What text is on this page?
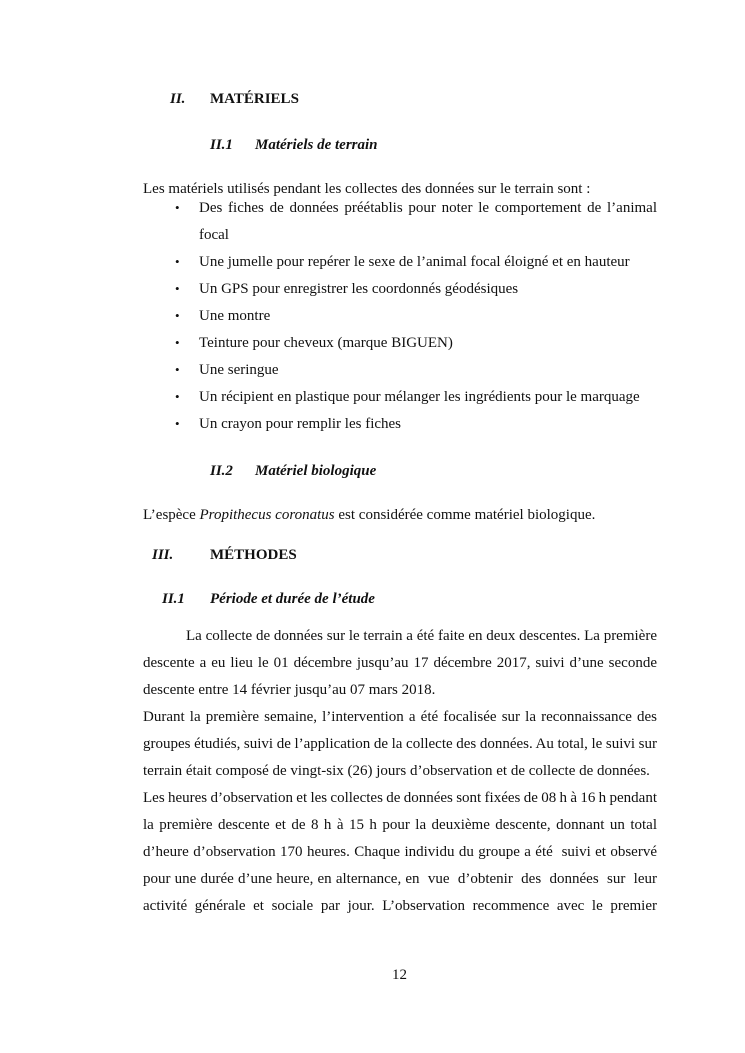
II. MATÉRIELS
II.1 Matériels de terrain
Les matériels utilisés pendant les collectes des données sur le terrain sont :
• Des fiches de données préétablis pour noter le comportement de l’animal
focal
• Une jumelle pour repérer le sexe de l’animal focal éloigné et en hauteur
• Un GPS pour enregistrer les coordonnés géodésiques
• Une montre
• Teinture pour cheveux (marque BIGUEN)
• Une seringue
• Un récipient en plastique pour mélanger les ingrédients pour le marquage
• Un crayon pour remplir les fiches
II.2 Matériel biologique
L’espèce Propithecus coronatus est considérée comme matériel biologique.
III. MÉTHODES
II.1 Période et durée de l’étude
La collecte de données sur le terrain a été faite en deux descentes. La première
descente a eu lieu le 01 décembre jusqu’au 17 décembre 2017, suivi d’une seconde
descente entre 14 février jusqu’au 07 mars 2018.
Durant la première semaine, l’intervention a été focalisée sur la reconnaissance des
groupes étudiés, suivi de l’application de la collecte des données. Au total, le suivi sur
terrain était composé de vingt-six (26) jours d’observation et de collecte de données.
Les heures d’observation et les collectes de données sont fixées de 08 h à 16 h pendant
la première descente et de 8 h à 15 h pour la deuxième descente, donnant un total
d’heure d’observation 170 heures. Chaque individu du groupe a été  suivi et observé
pour une durée d’une heure, en alternance, en  vue  d’obtenir  des  données  sur  leur
activité  générale  et  sociale  par  jour.  L’observation  recommence  avec  le  premier
12
